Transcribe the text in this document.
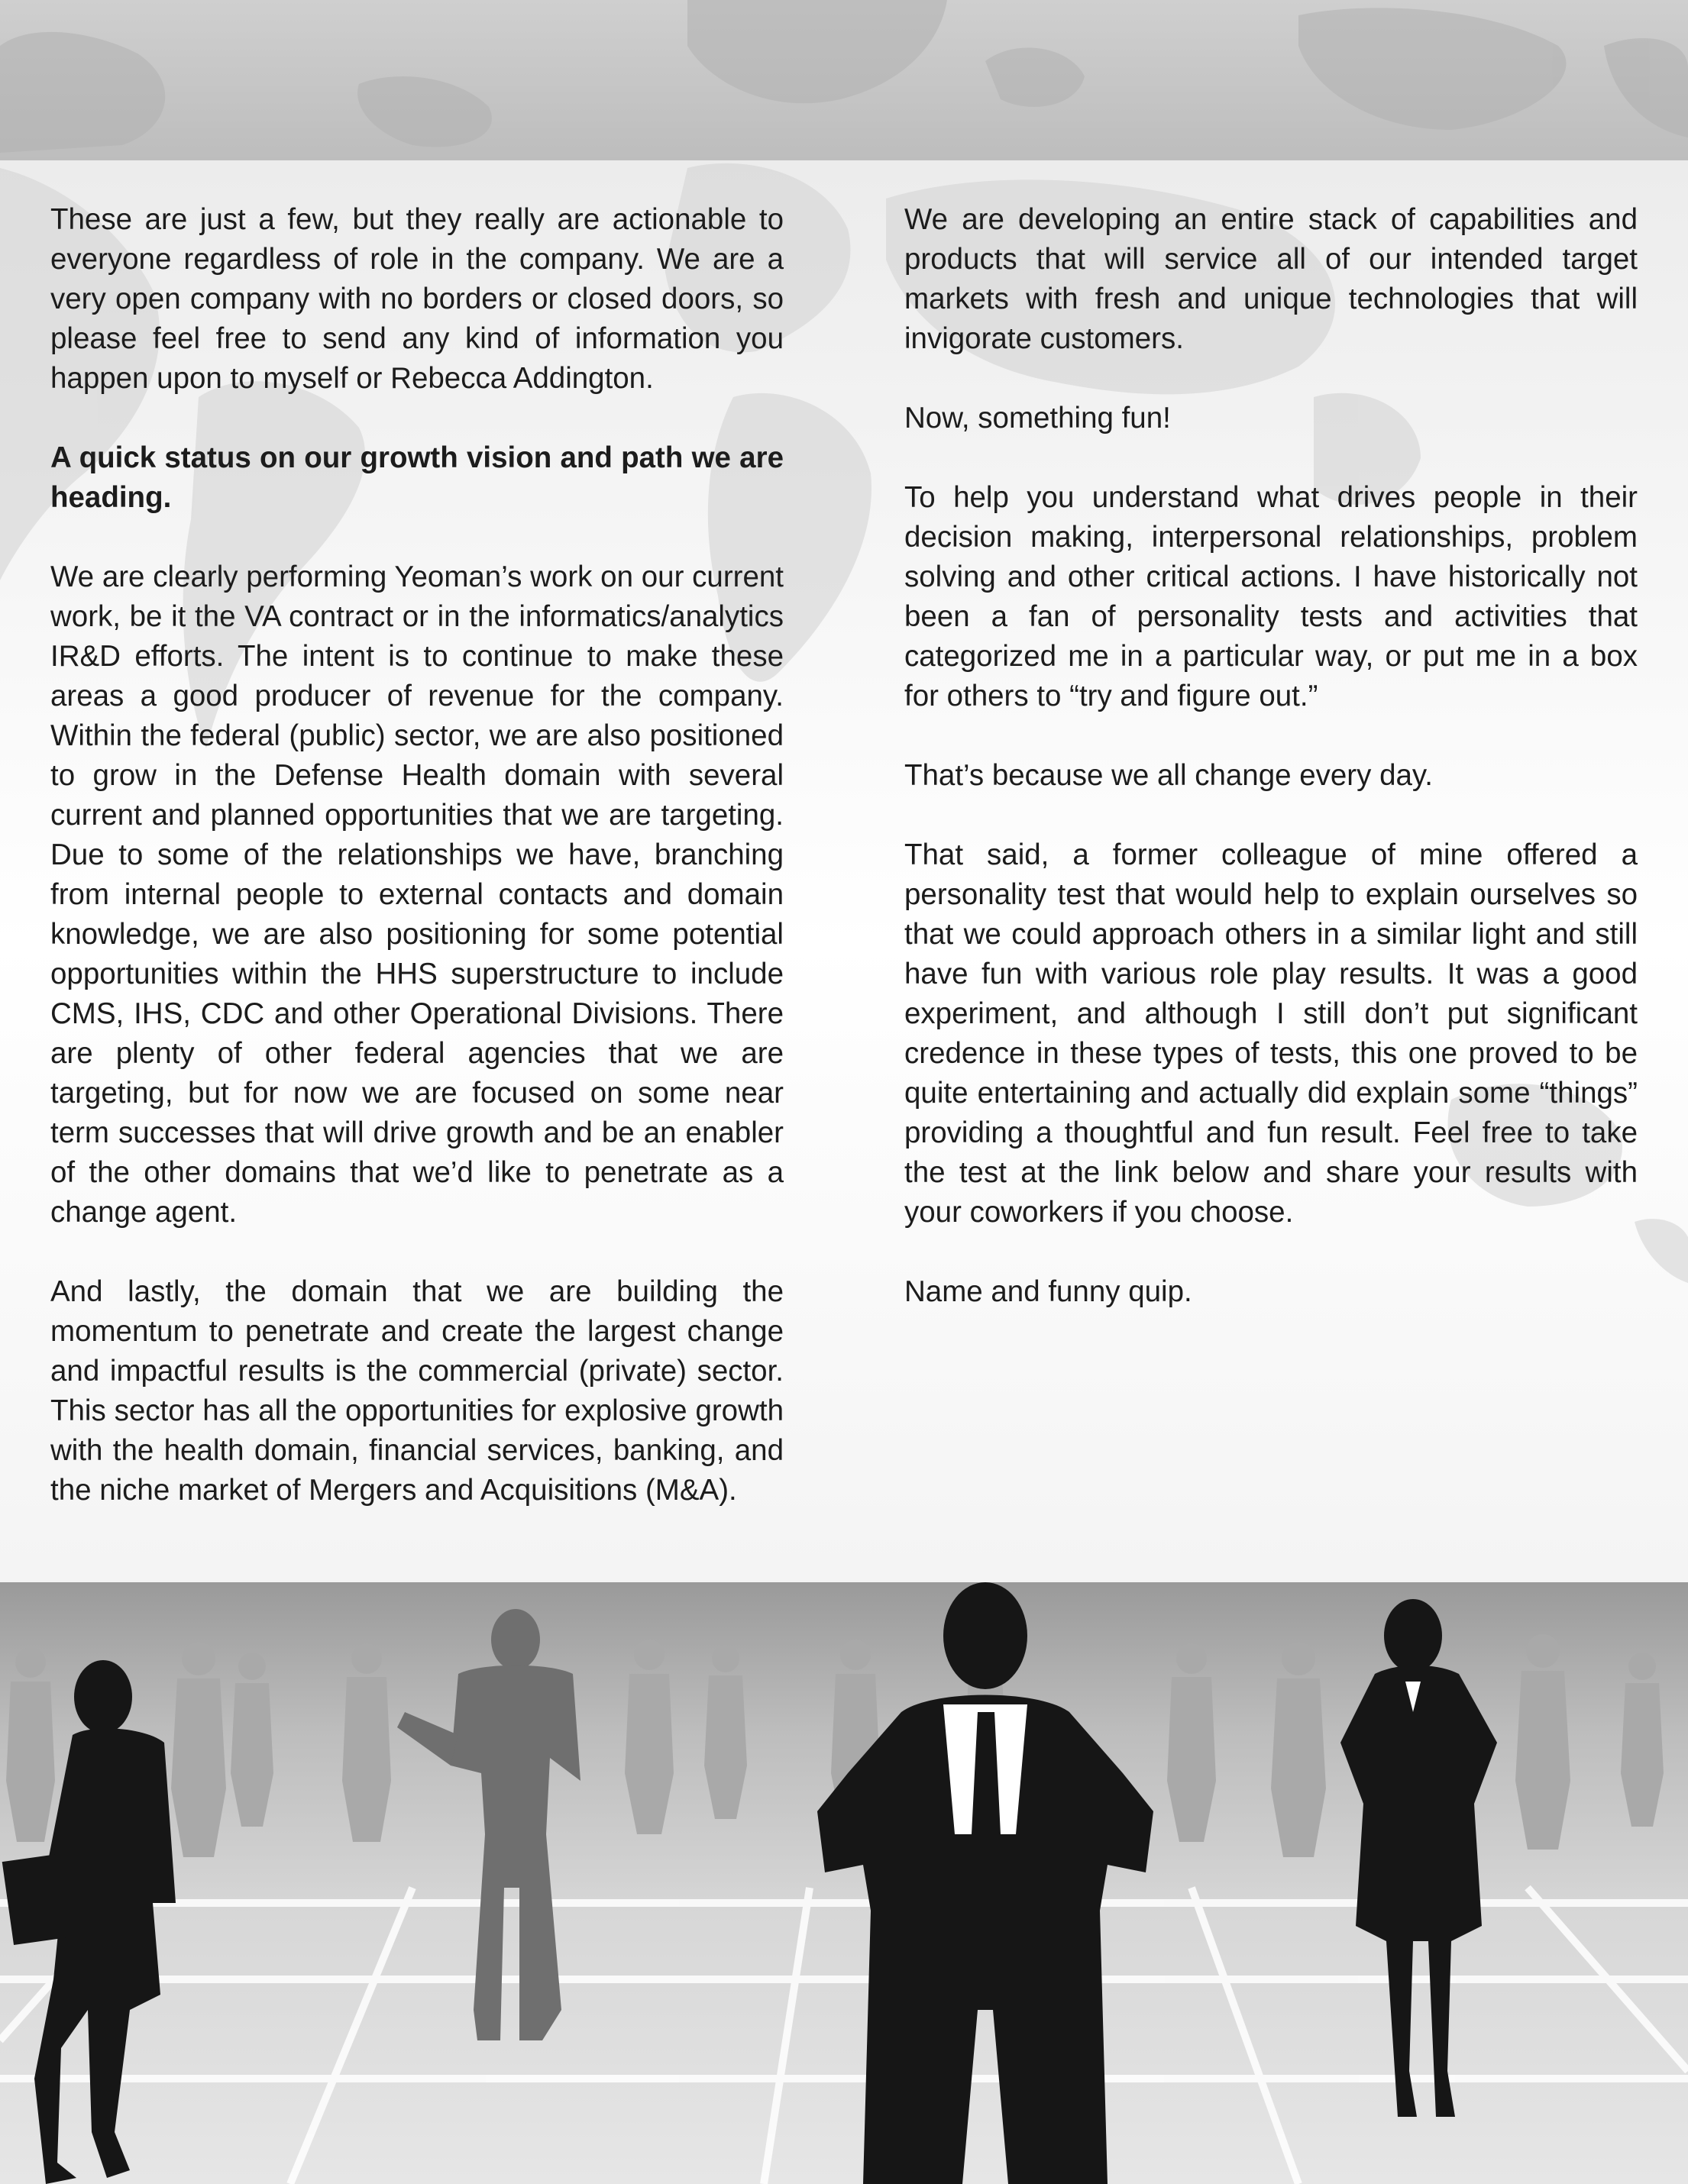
These are just a few, but they really are actionable to everyone regardless of role in the company. We are a very open company with no borders or closed doors, so please feel free to send any kind of information you happen upon to myself or Rebecca Addington.

A quick status on our growth vision and path we are heading.

We are clearly performing Yeoman’s work on our current work, be it the VA contract or in the informatics/analytics IR&D efforts. The intent is to continue to make these areas a good producer of revenue for the company. Within the federal (public) sector, we are also positioned to grow in the Defense Health domain with several current and planned opportunities that we are targeting. Due to some of the relationships we have, branching from internal people to external contacts and domain knowledge, we are also positioning for some potential opportunities within the HHS superstructure to include CMS, IHS, CDC and other Operational Divisions. There are plenty of other federal agencies that we are targeting, but for now we are focused on some near term successes that will drive growth and be an enabler of the other domains that we’d like to penetrate as a change agent.

And lastly, the domain that we are building the momentum to penetrate and create the largest change and impactful results is the commercial (private) sector. This sector has all the opportunities for explosive growth with the health domain, financial services, banking, and the niche market of Mergers and Acquisitions (M&A).

We are developing an entire stack of capabilities and products that will service all of our intended target markets with fresh and unique technologies that will invigorate customers.

Now, something fun!

To help you understand what drives people in their decision making, interpersonal relationships, problem solving and other critical actions. I have historically not been a fan of personality tests and activities that categorized me in a particular way, or put me in a box for others to “try and figure out.”

That’s because we all change every day.

That said, a former colleague of mine offered a personality test that would help to explain ourselves so that we could approach others in a similar light and still have fun with various role play results. It was a good experiment, and although I still don’t put significant credence in these types of tests, this one proved to be quite entertaining and actually did explain some “things” providing a thoughtful and fun result. Feel free to take the test at the link below and share your results with your coworkers if you choose.

Name and funny quip.
